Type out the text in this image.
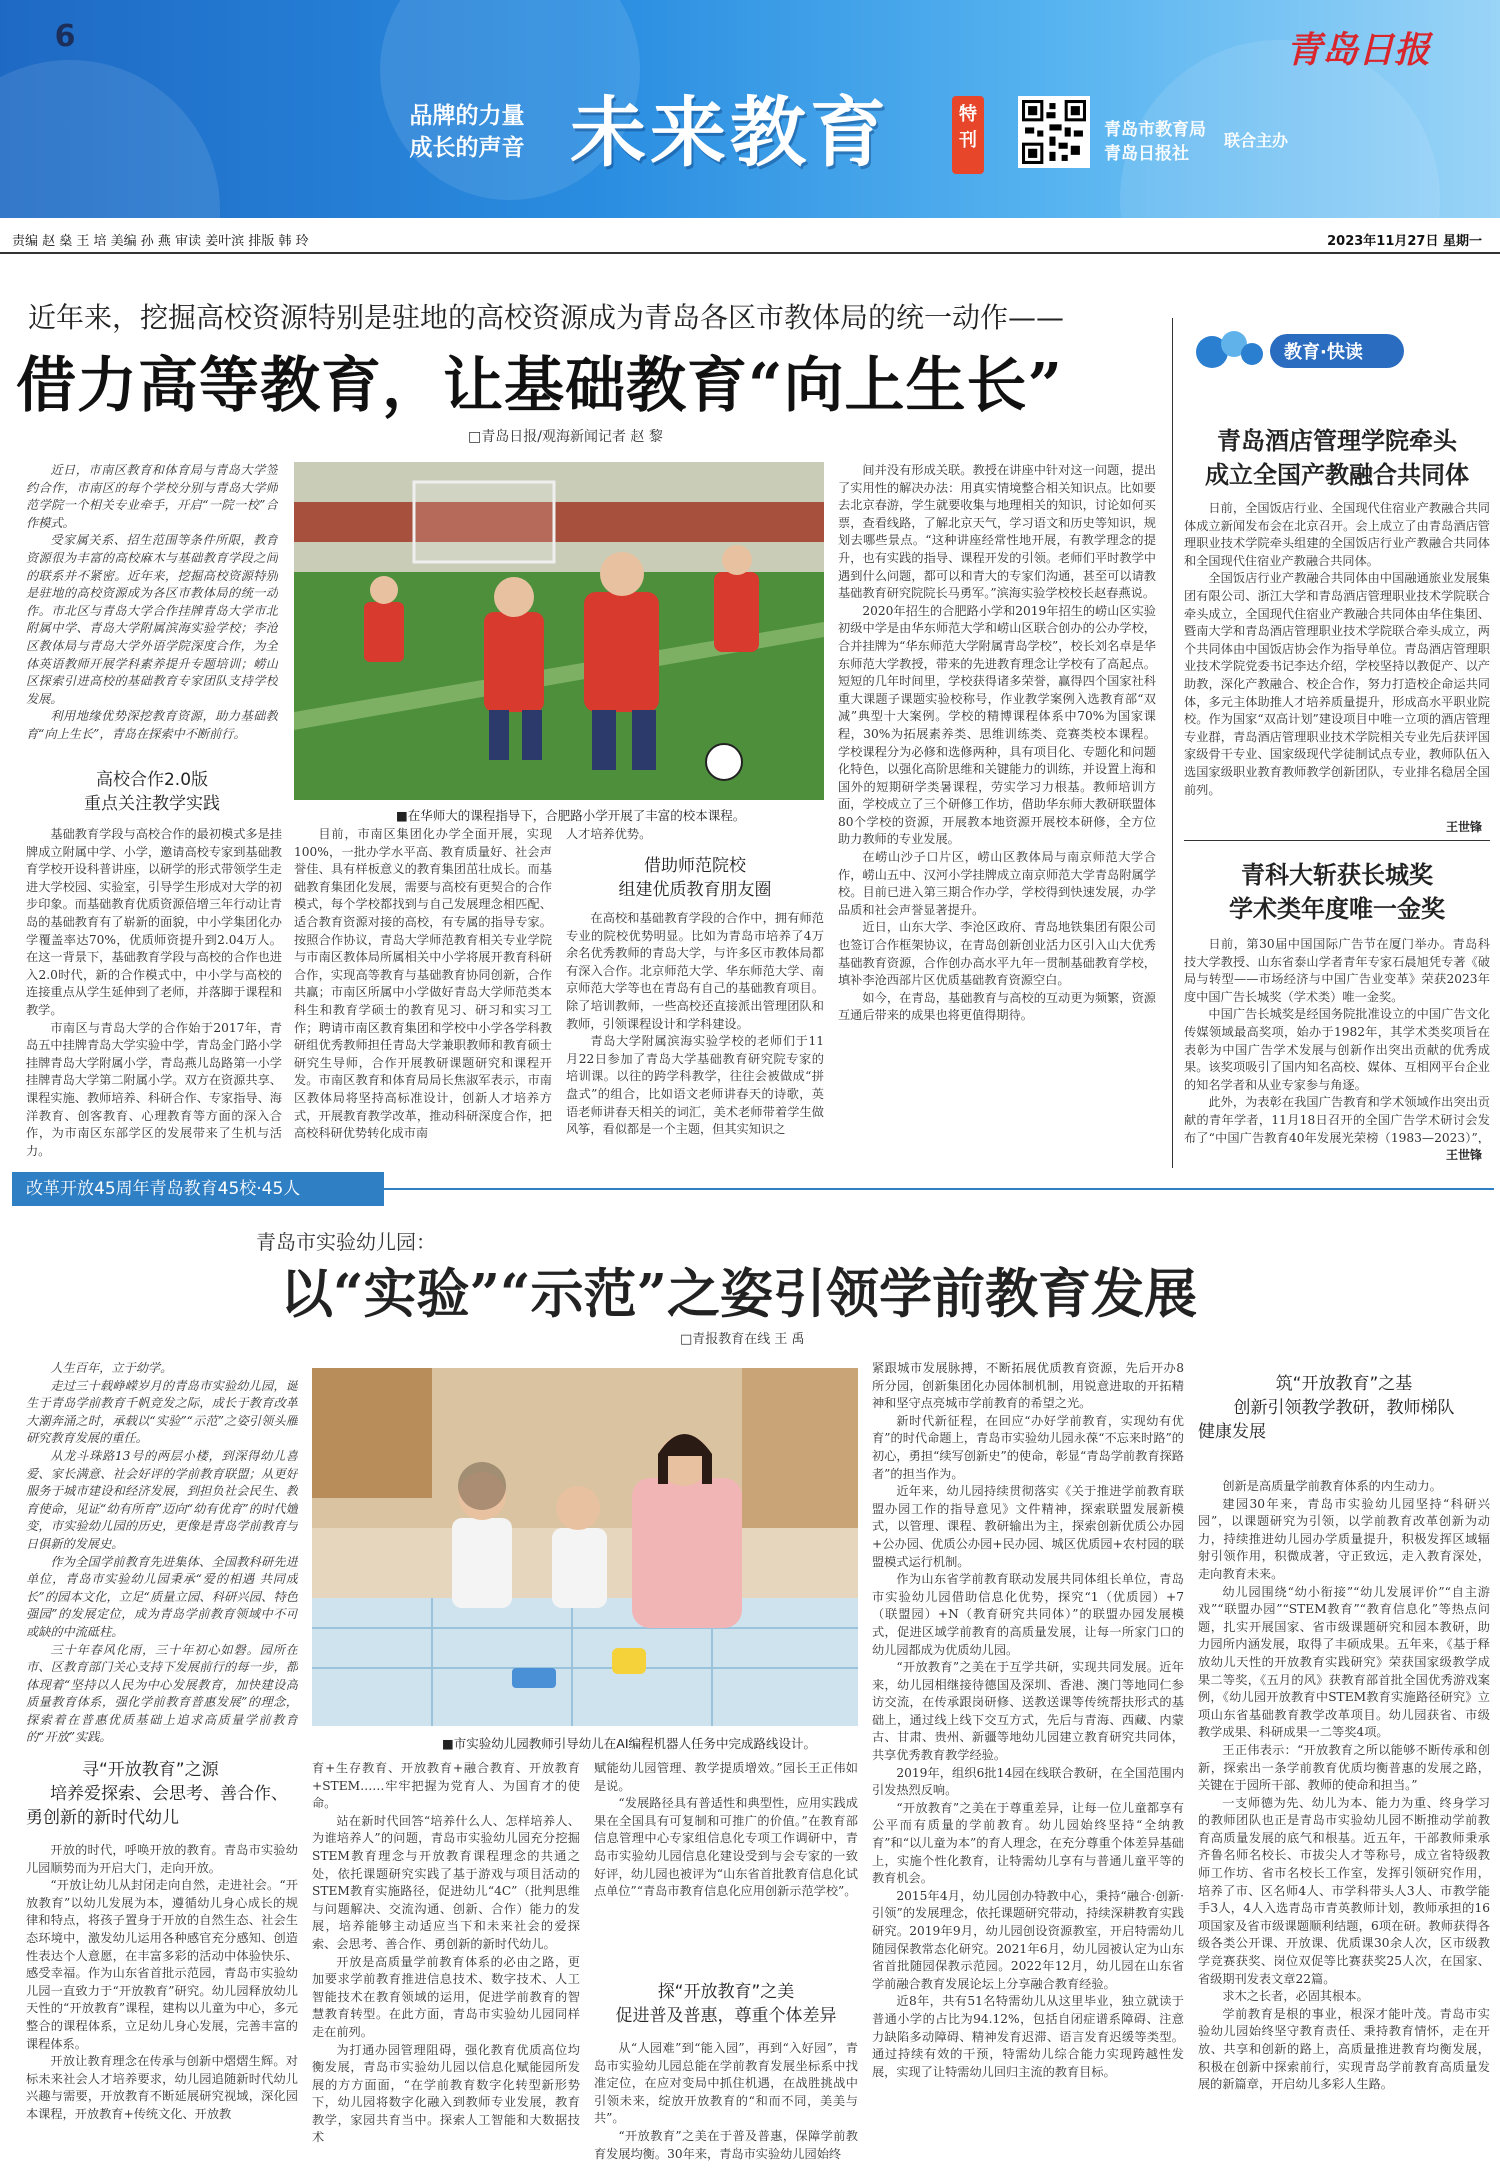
6	青岛日报
品牌的力量
成长的声音 未来教育	特刊	青岛市教育局
青岛日报社
联合主办
责编 赵 燊 王 培 美编 孙 燕 审读 姜叶滨 排版 韩 玲	2023年11月27日 星期一
近年来，挖掘高校资源特别是驻地的高校资源成为青岛各区市教体局的统一动作——
借力高等教育，让基础教育“向上生长”
□青岛日报/观海新闻记者 赵 黎

近日，市南区教育和体育局与青岛大学签约合作，市南区的每个学校分别与青岛大学师范学院一个相关专业牵手，开启“一院一校”合作模式。

受家属关系、招生范围等条件所限，教育资源很为丰富的高校麻木与基础教育学段之间的联系并不紧密。近年来，挖掘高校资源特别是驻地的高校资源成为各区市教体局的统一动作。市北区与青岛大学合作挂牌青岛大学市北附属中学、青岛大学附属滨海实验学校；李沧区教体局与青岛大学外语学院深度合作，为全体英语教师开展学科素养提升专题培训；崂山区探索引进高校的基础教育专家团队支持学校发展。

利用地缘优势深挖教育资源，助力基础教育“向上生长”，青岛在探索中不断前行。

高校合作2.0版
重点关注教学实践

基础教育学段与高校合作的最初模式多是挂牌成立附属中学、小学，邀请高校专家到基础教育学校开设科普讲座，以研学的形式带领学生走进大学校园、实验室，引导学生形成对大学的初步印象。而基础教育优质资源倍增三年行动让青岛的基础教育有了崭新的面貌，中小学集团化办学覆盖率达70%，优质师资提升到2.04万人。在这一背景下，基础教育学段与高校的合作也进入2.0时代，新的合作模式中，中小学与高校的连接重点从学生延伸到了老师，并落脚于课程和教学。

市南区与青岛大学的合作始于2017年，青岛五中挂牌青岛大学实验中学，青岛金门路小学挂牌青岛大学附属小学，青岛燕儿岛路第一小学挂牌青岛大学第二附属小学。双方在资源共享、课程实施、教师培养、科研合作、专家指导、海洋教育、创客教育、心理教育等方面的深入合作，为市南区东部学区的发展带来了生机与活力。

■在华师大的课程指导下，合肥路小学开展了丰富的校本课程。

目前，市南区集团化办学全面开展，实现100%，一批办学水平高、教育质量好、社会声誉佳、具有样板意义的教育集团茁壮成长。而基础教育集团化发展，需要与高校有更契合的合作模式，每个学校都找到与自己发展理念相匹配、适合教育资源对接的高校，有专属的指导专家。按照合作协议，青岛大学师范教育相关专业学院与市南区教体局所属相关中小学将展开教育科研合作，实现高等教育与基础教育协同创新，合作共赢；市南区所属中小学做好青岛大学师范类本科生和教育学硕士的教育见习、研习和实习工作；聘请市南区教育集团和学校中小学各学科教研组优秀教师担任青岛大学兼职教师和教育硕士研究生导师，合作开展教研课题研究和课程开发。市南区教育和体育局局长焦淑军表示，市南区教体局将坚持高标准设计，创新人才培养方式，开展教育教学改革，推动科研深度合作，把高校科研优势转化成市南

人才培养优势。

借助师范院校
组建优质教育朋友圈

在高校和基础教育学段的合作中，拥有师范专业的院校优势明显。比如为青岛市培养了4万余名优秀教师的青岛大学，与许多区市教体局都有深入合作。北京师范大学、华东师范大学、南京师范大学等也在青岛有自己的基础教育项目。除了培训教师，一些高校还直接派出管理团队和教师，引领课程设计和学科建设。

青岛大学附属滨海实验学校的老师们于11月22日参加了青岛大学基础教育研究院专家的培训课。以往的跨学科教学，往往会被做成“拼盘式”的组合，比如语文老师讲春天的诗歌，英语老师讲春天相关的词汇，美术老师带着学生做风筝，看似都是一个主题，但其实知识之

间并没有形成关联。教授在讲座中针对这一问题，提出了实用性的解决办法：用真实情境整合相关知识点。比如要去北京春游，学生就要收集与地理相关的知识，讨论如何买票，查看线路，了解北京天气，学习语文和历史等知识，规划去哪些景点。“这种讲座经常性地开展，有教学理念的提升，也有实践的指导、课程开发的引领。老师们平时教学中遇到什么问题，都可以和青大的专家们沟通，甚至可以请教基础教育研究院院长马勇军。”滨海实验学校校长赵春燕说。

2020年招生的合肥路小学和2019年招生的崂山区实验初级中学是由华东师范大学和崂山区联合创办的公办学校，合并挂牌为“华东师范大学附属青岛学校”，校长刘名卓是华东师范大学教授，带来的先进教育理念让学校有了高起点。短短的几年时间里，学校获得诸多荣誉，赢得四个国家社科重大课题子课题实验校称号，作业教学案例入选教育部“双减”典型十大案例。学校的精博课程体系中70%为国家课程，30%为拓展素养类、思维训练类、竞赛类校本课程。学校课程分为必修和选修两种，具有项目化、专题化和问题化特色，以强化高阶思维和关键能力的训练，并设置上海和国外的短期研学类暑课程，劳实学习力根基。教师培训方面，学校成立了三个研修工作坊，借助华东师大教研联盟体80个学校的资源，开展教本地资源开展校本研修，全方位助力教师的专业发展。

在崂山沙子口片区，崂山区教体局与南京师范大学合作，崂山五中、汉河小学挂牌成立南京师范大学青岛附属学校。目前已进入第三期合作办学，学校得到快速发展，办学品质和社会声誉显著提升。

近日，山东大学、李沧区政府、青岛地铁集团有限公司也签订合作框架协议，在青岛创新创业活力区引入山大优秀基础教育资源，合作创办高水平九年一贯制基础教育学校，填补李沧西部片区优质基础教育资源空白。

如今，在青岛，基础教育与高校的互动更为频繁，资源互通后带来的成果也将更值得期待。

教育·快读
青岛酒店管理学院牵头
成立全国产教融合共同体

日前，全国饭店行业、全国现代住宿业产教融合共同体成立新闻发布会在北京召开。会上成立了由青岛酒店管理职业技术学院牵头组建的全国饭店行业产教融合共同体和全国现代住宿业产教融合共同体。

全国饭店行业产教融合共同体由中国融通旅业发展集团有限公司、浙江大学和青岛酒店管理职业技术学院联合牵头成立，全国现代住宿业产教融合共同体由华住集团、暨南大学和青岛酒店管理职业技术学院联合牵头成立，两个共同体由中国饭店协会作为指导单位。青岛酒店管理职业技术学院党委书记李达介绍，学校坚持以教促产、以产助教，深化产教融合、校企合作，努力打造校企命运共同体，多元主体助推人才培养质量提升，形成高水平职业院校。作为国家“双高计划”建设项目中唯一立项的酒店管理专业群，青岛酒店管理职业技术学院相关专业先后获评国家级骨干专业、国家级现代学徒制试点专业，教师队伍入选国家级职业教育教师教学创新团队，专业排名稳居全国前列。

王世锋
青科大斩获长城奖
学术类年度唯一金奖

日前，第30届中国国际广告节在厦门举办。青岛科技大学教授、山东省泰山学者青年专家石晨旭凭专著《破局与转型——市场经济与中国广告业变革》荣获2023年度中国广告长城奖（学术类）唯一金奖。

中国广告长城奖是经国务院批准设立的中国广告文化传媒领域最高奖项，始办于1982年，其学术类奖项旨在表彰为中国广告学术发展与创新作出突出贡献的优秀成果。该奖项吸引了国内知名高校、媒体、互相网平台企业的知名学者和从业专家参与角逐。

此外，为表彰在我国广告教育和学术领域作出突出贡献的青年学者，11月18日召开的全国广告学术研讨会发布了“中国广告教育40年发展光荣榜（1983—2023）”，

王世锋
改革开放45周年青岛教育45校·45人
青岛市实验幼儿园：
以“实验”“示范”之姿引领学前教育发展
□青报教育在线 王 禹

人生百年，立于幼学。

走过三十载峥嵘岁月的青岛市实验幼儿园，诞生于青岛学前教育千帆竞发之际，成长于教育改革大潮奔涌之时，承载以“实验”“示范”之姿引领头雁研究教育发展的重任。

从龙斗珠路13号的两层小楼，到深得幼儿喜爱、家长满意、社会好评的学前教育联盟；从更好服务于城市建设和经济发展，到担负社会民生、教育使命，见证“幼有所育”迈向“幼有优育”的时代嬗变，市实验幼儿园的历史，更像是青岛学前教育与日俱新的发展史。

作为全国学前教育先进集体、全国教科研先进单位，青岛市实验幼儿园秉承“爱的相遇 共同成长”的园本文化，立足“质量立园、科研兴园、特色强园”的发展定位，成为青岛学前教育领域中不可或缺的中流砥柱。

三十年春风化雨，三十年初心如磐。园所在市、区教育部门关心支持下发展前行的每一步，都体现着“坚持以人民为中心发展教育，加快建设高质量教育体系，强化学前教育普惠发展”的理念，探索着在普惠优质基础上追求高质量学前教育的“开放”实践。	■市实验幼儿园教师引导幼儿在AI编程机器人任务中完成路线设计。
寻“开放教育”之源
培养爱探索、会思考、善合作、
勇创新的新时代幼儿

开放的时代，呼唤开放的教育。青岛市实验幼儿园顺势而为开启大门，走向开放。

“开放让幼儿从封闭走向自然，走进社会。“开放教育”以幼儿发展为本，遵循幼儿身心成长的规律和特点，将孩子置身于开放的自然生态、社会生态环境中，激发幼儿运用各种感官充分感知、创造性表达个人意愿，在丰富多彩的活动中体验快乐、感受幸福。作为山东省首批示范园，青岛市实验幼儿园一直致力于“开放教育”研究。幼儿园释放幼儿天性的“开放教育”课程，建构以儿童为中心，多元整合的课程体系，立足幼儿身心发展，完善丰富的课程体系。

开放让教育理念在传承与创新中熠熠生辉。对标未来社会人才培养要求，幼儿园追随新时代幼儿兴趣与需要，开放教育不断延展研究视域，深化园本课程，开放教育+传统文化、开放教

育+生存教育、开放教育+融合教育、开放教育+STEM……牢牢把握为党育人、为国育才的使命。

站在新时代回答“培养什么人、怎样培养人、为谁培养人”的问题，青岛市实验幼儿园充分挖掘STEM教育理念与开放教育课程理念的共通之处，依托课题研究实践了基于游戏与项目活动的STEM教育实施路径，促进幼儿“4C”（批判思维与问题解决、交流沟通、创新、合作）能力的发展，培养能够主动适应当下和未来社会的爱探索、会思考、善合作、勇创新的新时代幼儿。

开放是高质量学前教育体系的必由之路，更加要求学前教育推进信息技术、数字技术、人工智能技术在教育领域的运用，促进学前教育的智慧教育转型。在此方面，青岛市实验幼儿园同样走在前列。

为打通办园管理阻碍，强化教育优质高位均衡发展，青岛市实验幼儿园以信息化赋能园所发展的方方面面，“在学前教育数字化转型新形势下，幼儿园将数字化融入到教师专业发展，教育教学，家园共育当中。探索人工智能和大数据技术

赋能幼儿园管理、教学提质增效。”园长王正伟如是说。

“发展路径具有普适性和典型性，应用实践成果在全国具有可复制和可推广的价值。”在教育部信息管理中心专家组信息化专项工作调研中，青岛市实验幼儿园信息化建设受到与会专家的一致好评，幼儿园也被评为“山东省首批教育信息化试点单位”“青岛市教育信息化应用创新示范学校”。

探“开放教育”之美
促进普及普惠，尊重个体差异

从“人园难”到“能入园”，再到“入好园”，青岛市实验幼儿园总能在学前教育发展坐标系中找准定位，在应对变局中抓住机遇，在战胜挑战中引领未来，绽放开放教育的“和而不同，美美与共”。

“开放教育”之美在于普及普惠，保障学前教育发展均衡。30年来，青岛市实验幼儿园始终

紧跟城市发展脉搏，不断拓展优质教育资源，先后开办8所分园，创新集团化办园体制机制，用锐意进取的开拓精神和坚守点亮城市学前教育的希望之光。

新时代新征程，在回应“办好学前教育，实现幼有优育”的时代命题上，青岛市实验幼儿园永葆“不忘来时路”的初心，勇担“续写创新史”的使命，彰显“青岛学前教育探路者”的担当作为。

近年来，幼儿园持续贯彻落实《关于推进学前教育联盟办园工作的指导意见》文件精神，探索联盟发展新模式，以管理、课程、教研输出为主，探索创新优质公办园+公办园、优质公办园+民办园、城区优质园+农村园的联盟模式运行机制。

作为山东省学前教育联动发展共同体组长单位，青岛市实验幼儿园借助信息化优势，探究“1（优质园）+7（联盟园）+N（教育研究共同体）”的联盟办园发展模式，促进区域学前教育的高质量发展，让每一所家门口的幼儿园都成为优质幼儿园。

“开放教育”之美在于互学共研，实现共同发展。近年来，幼儿园相继接待德国及深圳、香港、澳门等地同仁参访交流，在传承跟岗研修、送教送课等传统帮扶形式的基础上，通过线上线下交互方式，先后与青海、西藏、内蒙古、甘肃、贵州、新疆等地幼儿园建立教育研究共同体，共享优秀教育教学经验。

2019年，组织6批14园在线联合教研，在全国范围内引发热烈反响。

“开放教育”之美在于尊重差异，让每一位儿童都享有公平而有质量的学前教育。幼儿园始终坚持“全纳教育”和“以儿童为本”的育人理念，在充分尊重个体差异基础上，实施个性化教育，让特需幼儿享有与普通儿童平等的教育机会。

2015年4月，幼儿园创办特教中心，秉持“融合·创新·引领”的发展理念，依托课题研究带动，持续深耕教育实践研究。2019年9月，幼儿园创设资源教室，开启特需幼儿随园保教常态化研究。2021年6月，幼儿园被认定为山东省首批随园保教示范园。2022年12月，幼儿园在山东省学前融合教育发展论坛上分享融合教育经验。

近8年，共有51名特需幼儿从这里毕业，独立就读于普通小学的占比为94.12%，包括自闭症谱系障碍、注意力缺陷多动障碍、精神发育迟滞、语言发育迟缓等类型。通过持续有效的干预，特需幼儿综合能力实现跨越性发展，实现了让特需幼儿回归主流的教育目标。

筑“开放教育”之基
创新引领教学教研，教师梯队
健康发展

创新是高质量学前教育体系的内生动力。

建园30年来，青岛市实验幼儿园坚持“科研兴园”，以课题研究为引领，以学前教育改革创新为动力，持续推进幼儿园办学质量提升，积极发挥区域辐射引领作用，积微成著，守正致远，走入教育深处，走向教育未来。

幼儿园围绕“幼小衔接”“幼儿发展评价”“自主游戏”“联盟办园”“STEM教育”“教育信息化”等热点问题，扎实开展国家、省市级课题研究和园本教研，助力园所内涵发展，取得了丰硕成果。五年来，《基于释放幼儿天性的开放教育实践研究》荣获国家级教学成果二等奖，《五月的风》获教育部首批全国优秀游戏案例，《幼儿园开放教育中STEM教育实施路径研究》立项山东省基础教育教学改革项目。幼儿园获省、市级教学成果、科研成果一二等奖4项。

王正伟表示：“开放教育之所以能够不断传承和创新，探索出一条学前教育优质均衡普惠的发展之路，关键在于园所干部、教师的使命和担当。”

一支师德为先、幼儿为本、能力为重、终身学习的教师团队也正是青岛市实验幼儿园不断推动学前教育高质量发展的底气和根基。近五年，干部教师秉承齐鲁名师名校长、市拔尖人才等称号，成立省特级教师工作坊、省市名校长工作室，发挥引领研究作用，培养了市、区名师4人、市学科带头人3人、市教学能手3人，4人入选青岛市青英教师计划，教师承担的16项国家及省市级课题顺利结题，6项在研。教师获得各级各类公开课、开放课、优质课30余人次，区市级教学竞赛获奖、岗位双促等比赛获奖25人次，在国家、省级期刊发表文章22篇。

求木之长者，必固其根本。

学前教育是根的事业，根深才能叶茂。青岛市实验幼儿园始终坚守教育责任、秉持教育情怀，走在开放、共享和创新的路上，高质量推进教育均衡发展，积极在创新中探索前行，实现青岛学前教育高质量发展的新篇章，开启幼儿多彩人生路。
